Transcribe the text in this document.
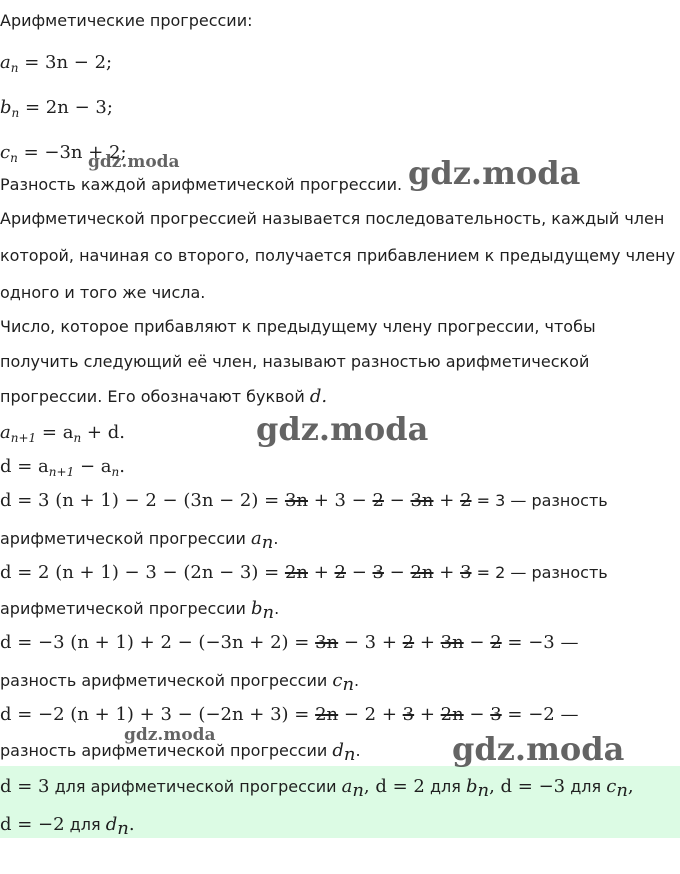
Арифметические прогрессии:
$a_n = 3n - 2$;
$b_n = 2n - 3$;
$c_n = -3n + 2$;
Разность каждой арифметической прогрессии.
Арифметической прогрессией называется последовательность, каждый член
которой, начиная со второго, получается прибавлением к предыдущему члену
одного и того же числа.
Число, которое прибавляют к предыдущему члену прогрессии, чтобы
получить следующий её член, называют разностью арифметической
прогрессии. Его обозначают буквой d.
$a_{n+1} = a_n + d$.
$d = a_{n+1} - a_n$.
d = 3 (n + 1) − 2 − (3n − 2) = 3n + 3 − 2 − 3n + 2 = 3 — разность
арифметической прогрессии $a_n$.
d = 2 (n + 1) − 3 − (2n − 3) = 2n + 2 − 3 − 2n + 3 = 2 — разность
арифметической прогрессии $b_n$.
d = −3 (n + 1) + 2 − (−3n + 2) = 3n − 3 + 2 + 3n − 2 = −3 —
разность арифметической прогрессии $c_n$.
d = −2 (n + 1) + 3 − (−2n + 3) = 2n − 2 + 3 + 2n − 3 = −2 —
разность арифметической прогрессии $d_n$.
d = 3 для арифметической прогрессии $a_n$, d = 2 для $b_n$, d = −3 для $c_n$,
d = −2 для $d_n$.
gdz.moda
gdz.moda
gdz.moda
gdz.moda
gdz.moda
